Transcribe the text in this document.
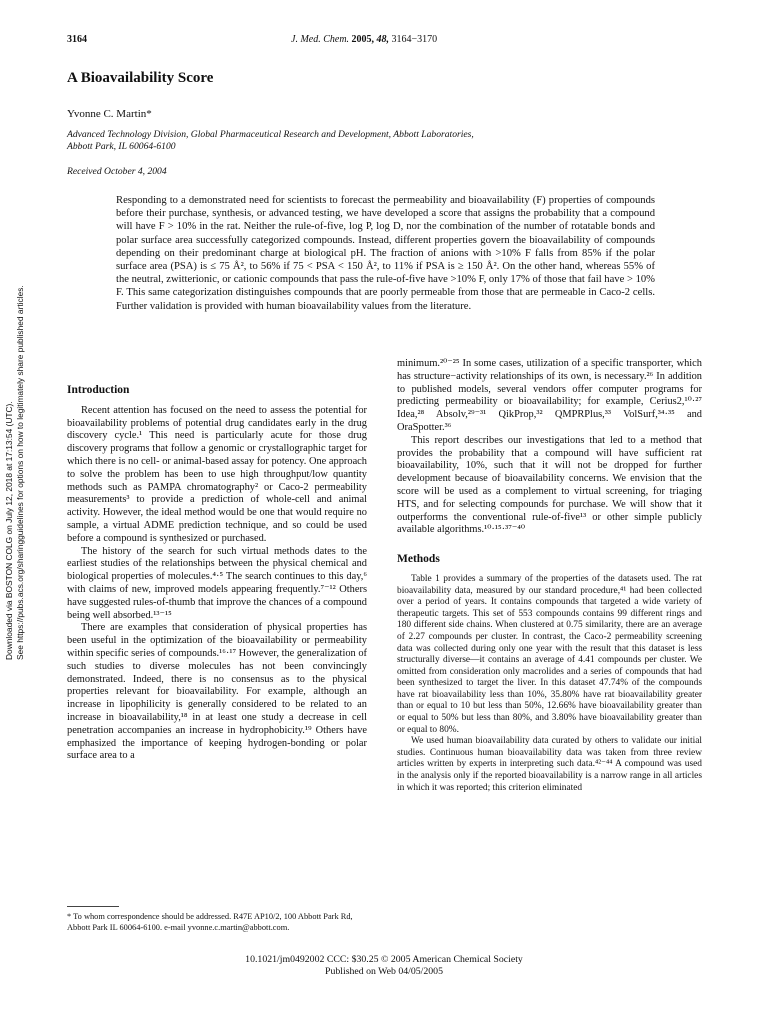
3164	J. Med. Chem. 2005, 48, 3164−3170
A Bioavailability Score
Yvonne C. Martin*
Advanced Technology Division, Global Pharmaceutical Research and Development, Abbott Laboratories,
Abbott Park, IL 60064-6100
Received October 4, 2004

Responding to a demonstrated need for scientists to forecast the permeability and bioavailability (F) properties of compounds before their purchase, synthesis, or advanced testing, we have developed a score that assigns the probability that a compound will have F > 10% in the rat. Neither the rule-of-five, log P, log D, nor the combination of the number of rotatable bonds and polar surface area successfully categorized compounds. Instead, different properties govern the bioavailability of compounds depending on their predominant charge at biological pH. The fraction of anions with >10% F falls from 85% if the polar surface area (PSA) is ≤ 75 Å², to 56% if 75 < PSA < 150 Å², to 11% if PSA is ≥ 150 Å². On the other hand, whereas 55% of the neutral, zwitterionic, or cationic compounds that pass the rule-of-five have >10% F, only 17% of those that fail have > 10% F. This same categorization distinguishes compounds that are poorly permeable from those that are permeable in Caco-2 cells. Further validation is provided with human bioavailability values from the literature.

Downloaded via BOSTON COLG on July 12, 2018 at 17:13:54 (UTC). See https://pubs.acs.org/sharingguidelines for options on how to legitimately share published articles.	Introduction

Recent attention has focused on the need to assess the potential for bioavailability problems of potential drug candidates early in the drug discovery cycle.¹ This need is particularly acute for those drug discovery programs that follow a genomic or crystallographic target for which there is no cell- or animal-based assay for potency. One approach to solve the problem has been to use high throughput/low quantity methods such as PAMPA chromatography² or Caco-2 permeability measurements³ to provide a prediction of whole-cell and animal activity. However, the ideal method would be one that would require no sample, a virtual ADME prediction technique, and so could be used before a compound is synthesized or purchased.

The history of the search for such virtual methods dates to the earliest studies of the relationships between the physical chemical and biological properties of molecules.⁴·⁵ The search continues to this day,⁶ with claims of new, improved models appearing frequently.⁷⁻¹² Others have suggested rules-of-thumb that improve the chances of a compound being well absorbed.¹³⁻¹⁵

There are examples that consideration of physical properties has been useful in the optimization of the bioavailability or permeability within specific series of compounds.¹⁶·¹⁷ However, the generalization of such studies to diverse molecules has not been convincingly demonstrated. Indeed, there is no consensus as to the physical properties relevant for bioavailability. For example, although an increase in lipophilicity is generally considered to be related to an increase in bioavailability,¹⁸ in at least one study a decrease in cell penetration accompanies an increase in hydrophobicity.¹⁹ Others have emphasized the importance of keeping hydrogen-bonding or polar surface area to a

minimum.²⁰⁻²⁵ In some cases, utilization of a specific transporter, which has structure−activity relationships of its own, is necessary.²⁶ In addition to published models, several vendors offer computer programs for predicting permeability or bioavailability; for example, Cerius2,¹⁰·²⁷ Idea,²⁸ Absolv,²⁹⁻³¹ QikProp,³² QMPRPlus,³³ VolSurf,³⁴·³⁵ and OraSpotter.³⁶

This report describes our investigations that led to a method that provides the probability that a compound will have sufficient rat bioavailability, 10%, such that it will not be dropped for further development because of bioavailability concerns. We envision that the score will be used as a complement to virtual screening, for triaging HTS, and for selecting compounds for purchase. We will show that it outperforms the conventional rule-of-five¹³ or other simple publicly available algorithms.¹⁰·¹⁵·³⁷⁻⁴⁰

Methods

Table 1 provides a summary of the properties of the datasets used. The rat bioavailability data, measured by our standard procedure,⁴¹ had been collected over a period of years. It contains compounds that targeted a wide variety of therapeutic targets. This set of 553 compounds contains 99 different rings and 180 different side chains. When clustered at 0.75 similarity, there are an average of 2.27 compounds per cluster. In contrast, the Caco-2 permeability screening data was collected during only one year with the result that this dataset is less structurally diverse—it contains an average of 4.41 compounds per cluster. We omitted from consideration only macrolides and a series of compounds that had been synthesized to target the liver. In this dataset 47.74% of the compounds have rat bioavailability less than 10%, 35.80% have rat bioavailability greater than or equal to 10 but less than 50%, 12.66% have bioavailability greater than or equal to 50% but less than 80%, and 3.80% have bioavailability greater than or equal to 80%.

We used human bioavailability data curated by others to validate our initial studies. Continuous human bioavailability data was taken from three review articles written by experts in interpreting such data.⁴²⁻⁴⁴ A compound was used in the analysis only if the reported bioavailability is a narrow range in all articles in which it was reported; this criterion eliminated

* To whom correspondence should be addressed. R47E AP10/2, 100 Abbott Park Rd, Abbott Park IL 60064-6100. e-mail yvonne.c.martin@abbott.com.
10.1021/jm0492002 CCC: $30.25 © 2005 American Chemical Society
Published on Web 04/05/2005
